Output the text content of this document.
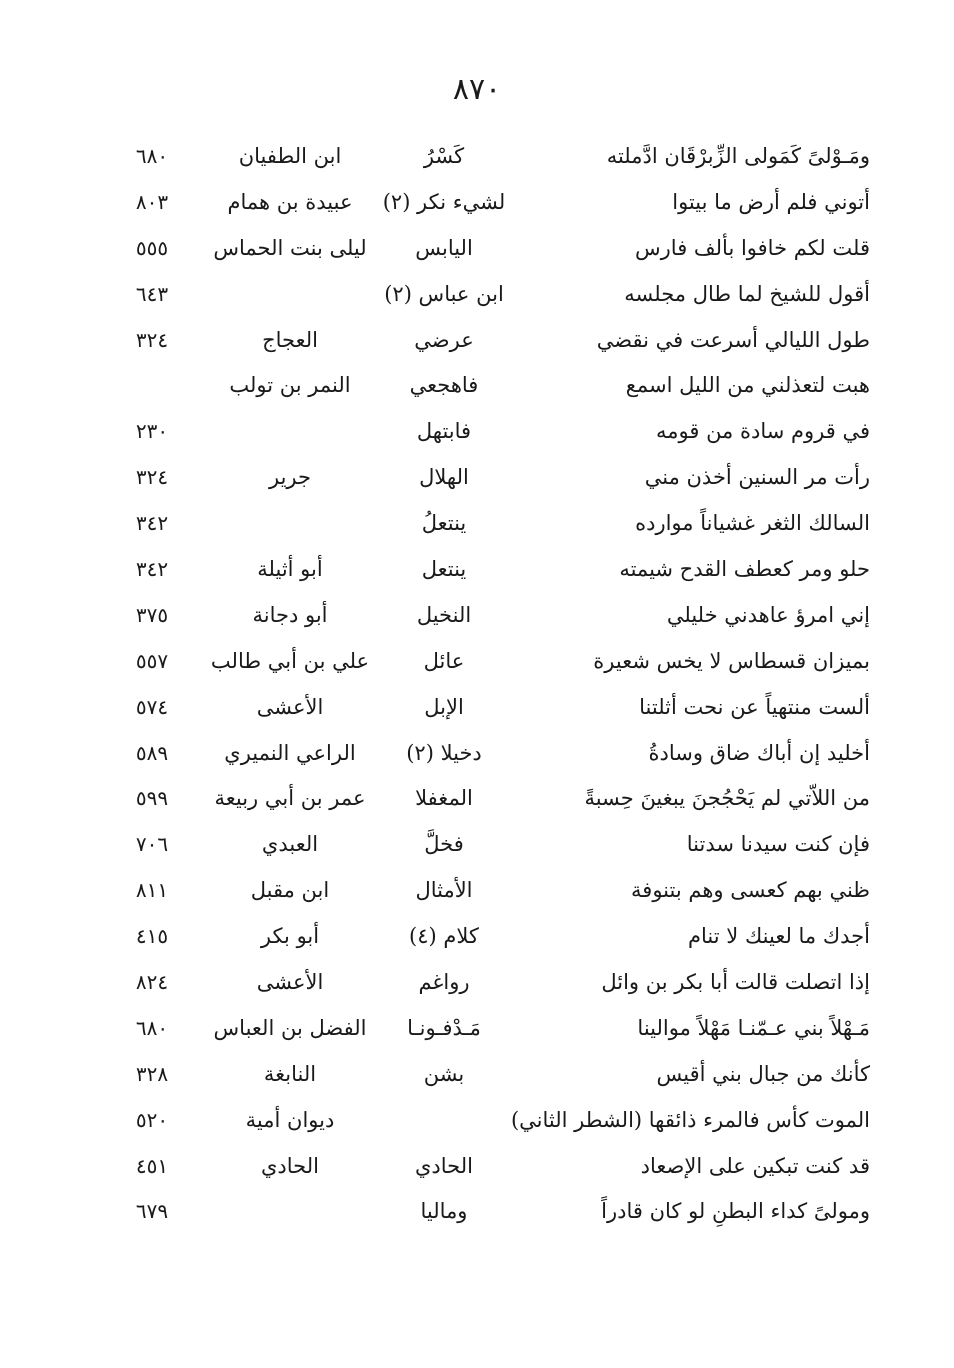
٨٧٠
ومَـوْلىً كَمَولى الزِّبرْقَان ادَّملته
كَسْرُ
ابن الطفيان
٦٨٠
أتوني فلم أرض ما بيتوا
لشيء نكر (٢)
عبيدة بن همام
٨٠٣
قلت لكم خافوا بألف فارس
اليابس
ليلى بنت الحماس
٥٥٥
أقول للشيخ لما طال مجلسه
ابن عباس (٢)
٦٤٣
طول الليالي أسرعت في نقضي
عرضي
العجاج
٣٢٤
هبت لتعذلني من الليل اسمع
فاهجعي
النمر بن تولب
في قروم سادة من قومه
فابتهل
٢٣٠
رأت مر السنين أخذن مني
الهلال
جرير
٣٢٤
السالك الثغر غشياناً موارده
ينتعلُ
٣٤٢
حلو ومر كعطف القدح شيمته
ينتعل
أبو أثيلة
٣٤٢
إني امرؤ عاهدني خليلي
النخيل
أبو دجانة
٣٧٥
بميزان قسطاس لا يخس شعيرة
عائل
علي بن أبي طالب
٥٥٧
ألست منتهياً عن نحت أثلتنا
الإبل
الأعشى
٥٧٤
أخليد إن أباك ضاق وسادةُ
دخيلا (٢)
الراعي النميري
٥٨٩
من اللاّتي لم يَحْجُجنَ يبغينَ حِسبةً
المغفلا
عمر بن أبي ربيعة
٥٩٩
فإن كنت سيدنا سدتنا
فخلَّ
العبدي
٧٠٦
ظني بهم كعسى وهم بتنوفة
الأمثال
ابن مقبل
٨١١
أجدك ما لعينك لا تنام
كلام (٤)
أبو بكر
٤١٥
إذا اتصلت قالت أبا بكر بن وائل
رواغم
الأعشى
٨٢٤
مَـهْلاً بني عـمّنـا مَهْلاً موالينا
مَـدْفـونـا
الفضل بن العباس
٦٨٠
كأنك من جبال بني أقيس
بشن
النابغة
٣٢٨
الموت كأس فالمرء ذائقها (الشطر الثاني)
ديوان أمية
٥٢٠
قد كنت تبكين على الإصعاد
الحادي
الحادي
٤٥١
ومولىً كداء البطنِ لو كان قادراً
وماليا
٦٧٩
